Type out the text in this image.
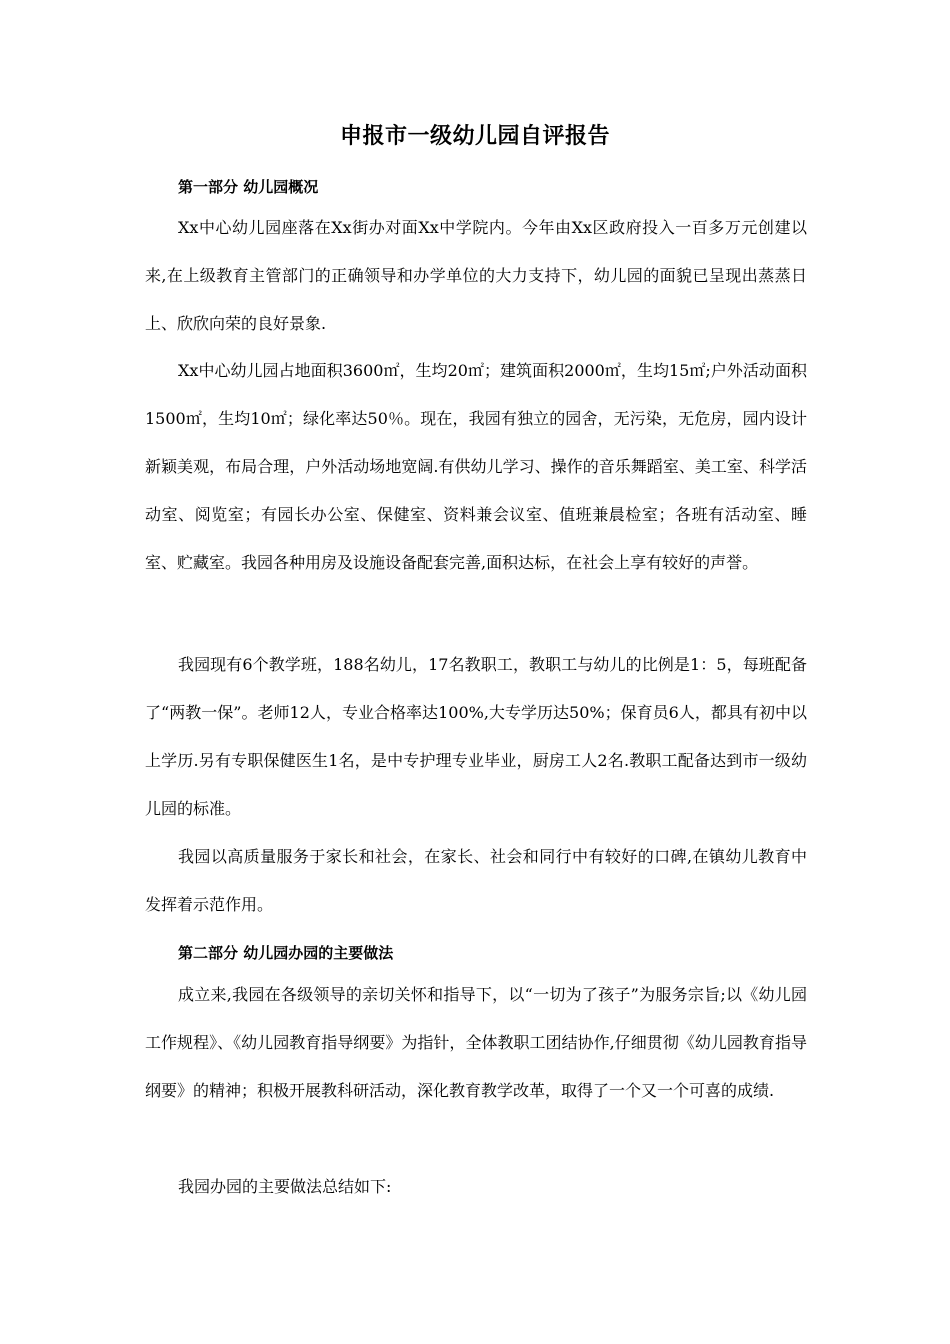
申报市一级幼儿园自评报告
第一部分 幼儿园概况

Xx中心幼儿园座落在Xx街办对面Xx中学院内。今年由Xx区政府投入一百多万元创建以来,在上级教育主管部门的正确领导和办学单位的大力支持下，幼儿园的面貌已呈现出蒸蒸日上、欣欣向荣的良好景象.

Xx中心幼儿园占地面积3600㎡，生均20㎡；建筑面积2000㎡，生均15㎡;户外活动面积1500㎡，生均10㎡；绿化率达50％。现在，我园有独立的园舍，无污染，无危房，园内设计新颖美观，布局合理，户外活动场地宽阔.有供幼儿学习、操作的音乐舞蹈室、美工室、科学活动室、阅览室；有园长办公室、保健室、资料兼会议室、值班兼晨检室；各班有活动室、睡室、贮藏室。我园各种用房及设施设备配套完善,面积达标，在社会上享有较好的声誉。

我园现有6个教学班，188名幼儿，17名教职工，教职工与幼儿的比例是1：5，每班配备了“两教一保”。老师12人，专业合格率达100%,大专学历达50%；保育员6人，都具有初中以上学历.另有专职保健医生1名，是中专护理专业毕业，厨房工人2名.教职工配备达到市一级幼儿园的标准。

我园以高质量服务于家长和社会，在家长、社会和同行中有较好的口碑,在镇幼儿教育中发挥着示范作用。

第二部分 幼儿园办园的主要做法

成立来,我园在各级领导的亲切关怀和指导下，以“一切为了孩子”为服务宗旨;以《幼儿园工作规程》、《幼儿园教育指导纲要》为指针，全体教职工团结协作,仔细贯彻《幼儿园教育指导纲要》的精神；积极开展教科研活动，深化教育教学改革，取得了一个又一个可喜的成绩.

我园办园的主要做法总结如下:
